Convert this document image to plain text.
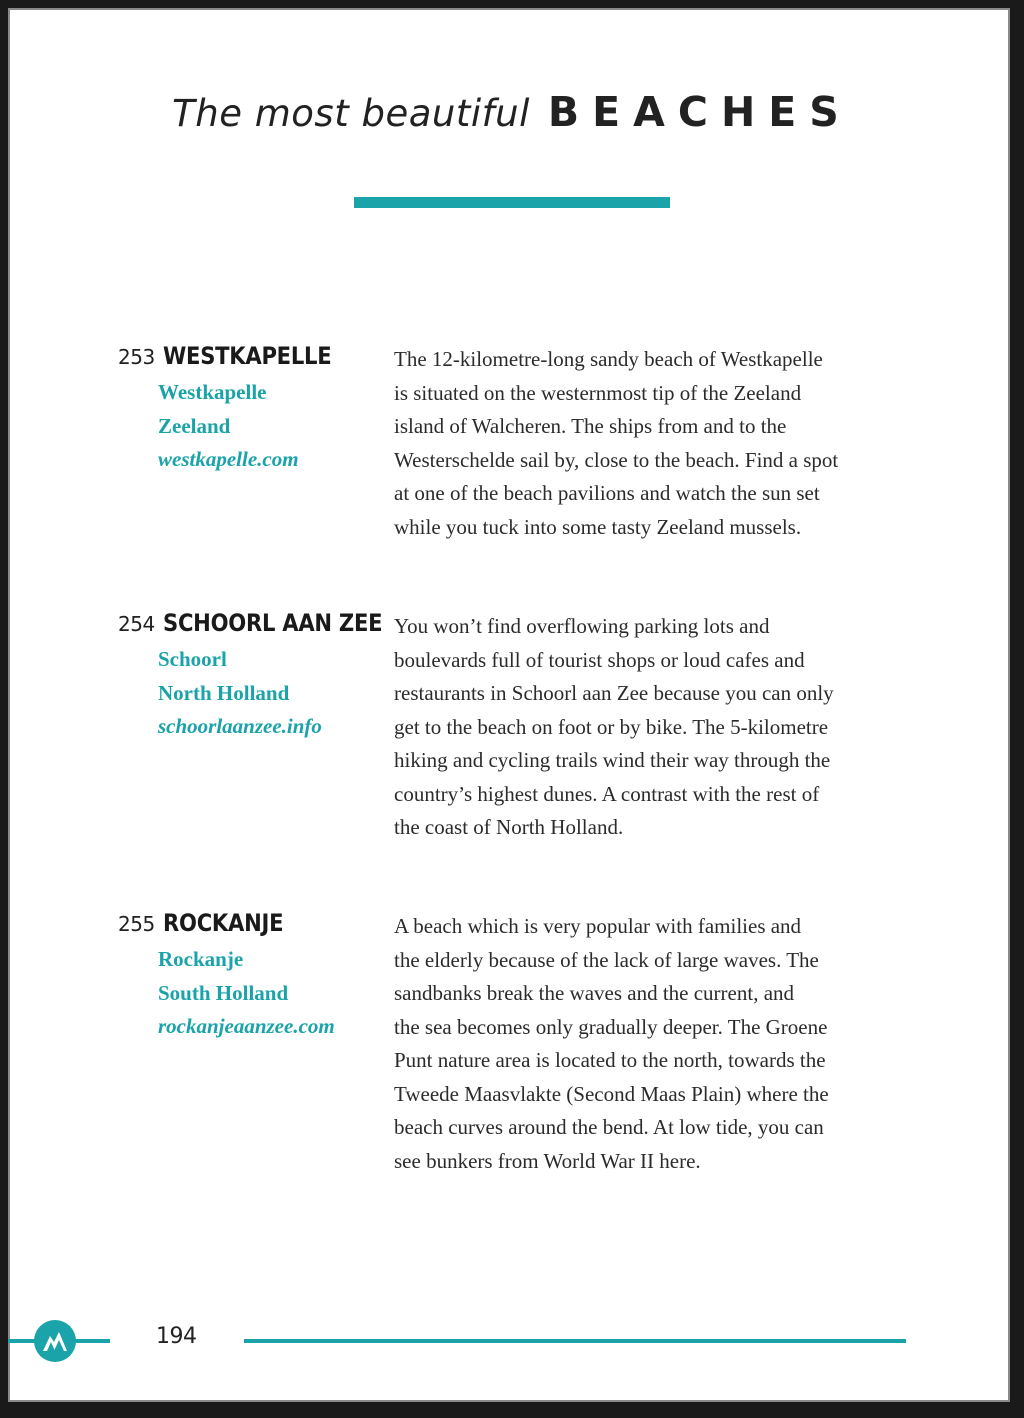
The most beautiful BEACHES
253 WESTKAPELLE
Westkapelle
Zeeland
westkapelle.com
The 12-kilometre-long sandy beach of Westkapelle
is situated on the westernmost tip of the Zeeland
island of Walcheren. The ships from and to the
Westerschelde sail by, close to the beach. Find a spot
at one of the beach pavilions and watch the sun set
while you tuck into some tasty Zeeland mussels.
254 SCHOORL AAN ZEE
Schoorl
North Holland
schoorlaanzee.info
You won’t find overflowing parking lots and
boulevards full of tourist shops or loud cafes and
restaurants in Schoorl aan Zee because you can only
get to the beach on foot or by bike. The 5-kilometre
hiking and cycling trails wind their way through the
country’s highest dunes. A contrast with the rest of
the coast of North Holland.
255 ROCKANJE
Rockanje
South Holland
rockanjeaanzee.com
A beach which is very popular with families and
the elderly because of the lack of large waves. The
sandbanks break the waves and the current, and
the sea becomes only gradually deeper. The Groene
Punt nature area is located to the north, towards the
Tweede Maasvlakte (Second Maas Plain) where the
beach curves around the bend. At low tide, you can
see bunkers from World War II here.
194
